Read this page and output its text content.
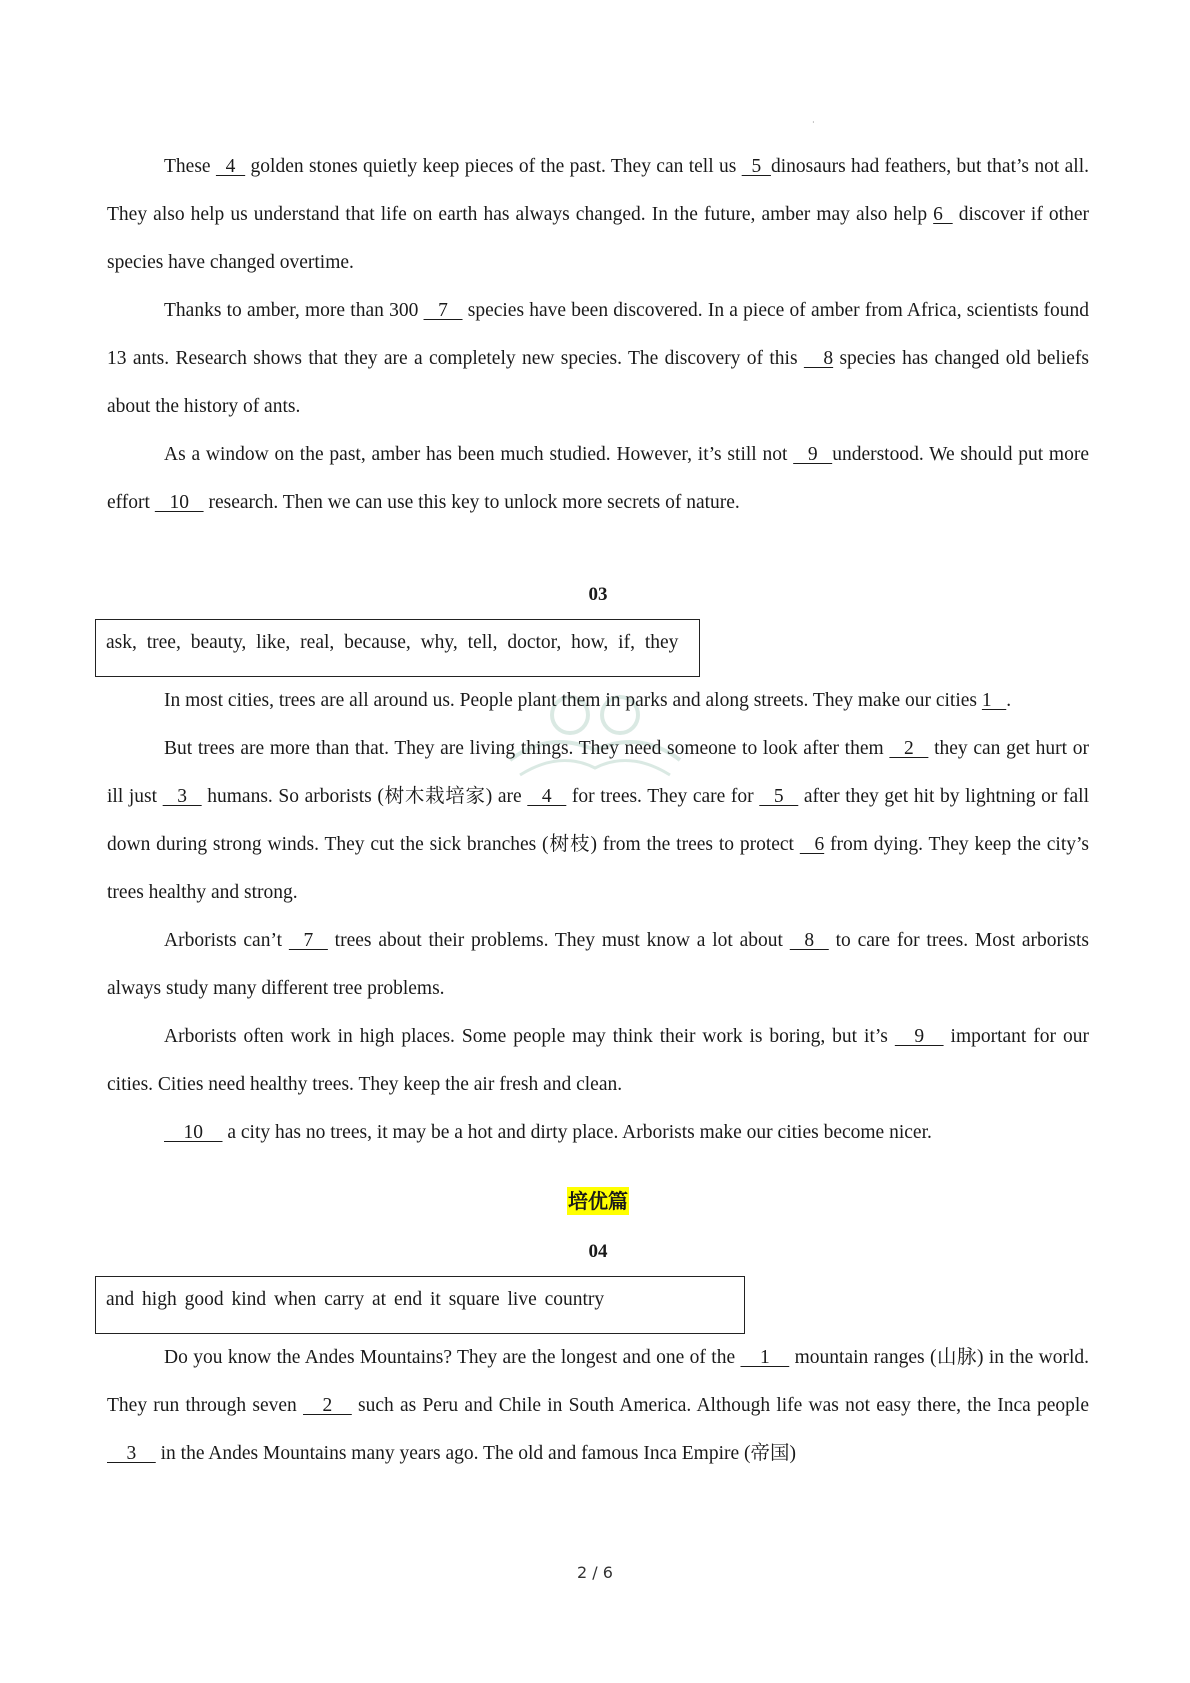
·

These   4   golden stones quietly keep pieces of the past. They can tell us   5  dinosaurs had feathers, but that’s not all. They also help us understand that life on earth has always changed. In the future, amber may also help 6   discover if other species have changed overtime.

Thanks to amber, more than 300    7    species have been discovered. In a piece of amber from Africa, scientists found 13 ants. Research shows that they are a completely new species. The discovery of this     8 species has changed old beliefs about the history of ants.

As a window on the past, amber has been much studied. However, it’s still not    9   understood. We should put more effort    10    research. Then we can use this key to unlock more secrets of nature.

03
ask, tree, beauty, like, real, because, why, tell, doctor, how, if, they

In most cities, trees are all around us. People plant them in parks and along streets. They make our cities 1   .

But trees are more than that. They are living things. They need someone to look after them    2    they can get hurt or ill just    3    humans. So arborists (树木栽培家) are    4    for trees. They care for    5    after they get hit by lightning or fall down during strong winds. They cut the sick branches (树枝) from the trees to protect    6 from dying. They keep the city’s trees healthy and strong.

Arborists can’t    7    trees about their problems. They must know a lot about    8    to care for trees. Most arborists always study many different tree problems.

Arborists often work in high places. Some people may think their work is boring, but it’s     9     important for our cities. Cities need healthy trees. They keep the air fresh and clean.

10     a city has no trees, it may be a hot and dirty place. Arborists make our cities become nicer.

培优篇
04
and high good kind when carry at end it square live country

Do you know the Andes Mountains? They are the longest and one of the     1     mountain ranges (山脉) in the world. They run through seven     2     such as Peru and Chile in South America. Although life was not easy there, the Inca people     3     in the Andes Mountains many years ago. The old and famous Inca Empire (帝国)

2 / 6
